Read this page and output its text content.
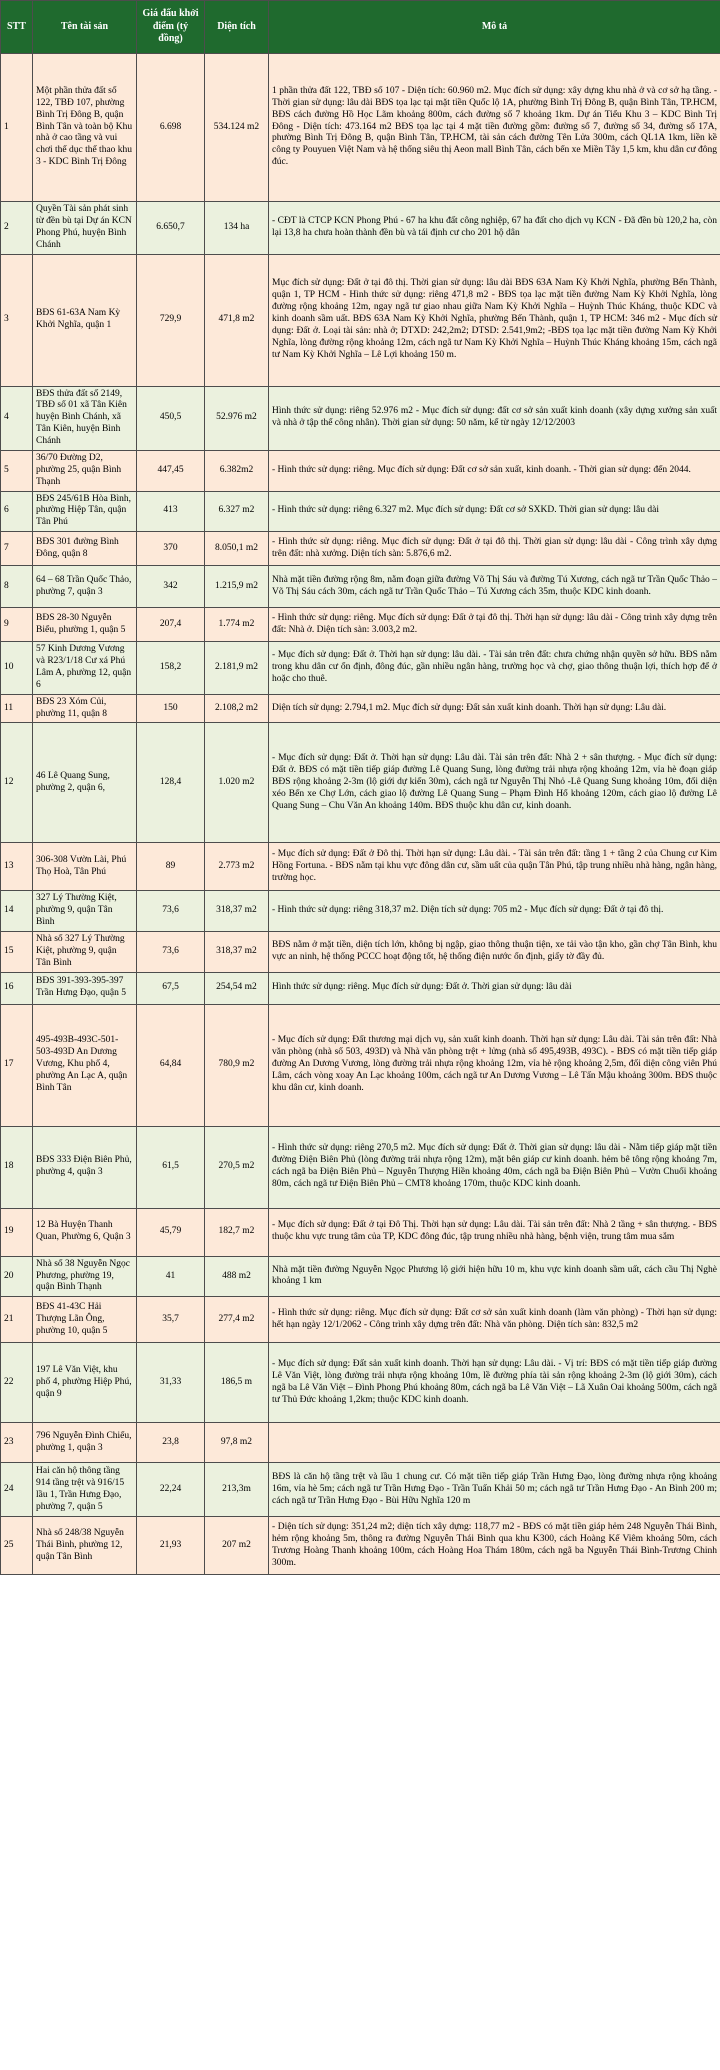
STT	Tên tài sản	Giá đấu khởi điểm (tỷ đồng)	Diện tích	Mô tả
1	Một phần thửa đất số 122, TBĐ 107, phường Bình Trị Đông B, quận Bình Tân và toàn bộ Khu nhà ở cao tầng và vui chơi thể dục thể thao khu 3 - KDC Bình Trị Đông	6.698	534.124 m2	1 phần thửa đất 122, TBĐ số 107 - Diện tích: 60.960 m2. Mục đích sử dụng: xây dựng khu nhà ở và cơ sở hạ tầng. - Thời gian sử dụng: lâu dài BĐS tọa lạc tại mặt tiền Quốc lộ 1A, phường Bình Trị Đông B, quận Bình Tân, TP.HCM, BĐS cách đường Hồ Học Lãm khoảng 800m, cách đường số 7 khoảng 1km. Dự án Tiểu Khu 3 – KDC Bình Trị Đông - Diện tích: 473.164 m2 BĐS tọa lạc tại 4 mặt tiền đường gồm: đường số 7, đường số 34, đường số 17A, phường Bình Trị Đông B, quận Bình Tân, TP.HCM, tài sản cách đường Tên Lửa 300m, cách QL1A 1km, liền kề công ty Pouyuen Việt Nam và hệ thống siêu thị Aeon mall Bình Tân, cách bến xe Miền Tây 1,5 km, khu dân cư đông đúc.
2	Quyền Tài sản phát sinh từ đền bù tại Dự án KCN Phong Phú, huyện Bình Chánh	6.650,7	134 ha	- CĐT là CTCP KCN Phong Phú - 67 ha khu đất công nghiệp, 67 ha đất cho dịch vụ KCN - Đã đền bù 120,2 ha, còn lại 13,8 ha chưa hoàn thành đền bù và tái định cư cho 201 hộ dân
3	BĐS 61-63A Nam Kỳ Khởi Nghĩa, quận 1	729,9	471,8 m2	Mục đích sử dụng: Đất ở tại đô thị. Thời gian sử dụng: lâu dài BĐS 63A Nam Kỳ Khởi Nghĩa, phường Bến Thành, quận 1, TP HCM - Hình thức sử dụng: riêng 471,8 m2 - BĐS tọa lạc mặt tiền đường Nam Kỳ Khởi Nghĩa, lòng đường rộng khoảng 12m, ngay ngã tư giao nhau giữa Nam Kỳ Khởi Nghĩa – Huỳnh Thúc Kháng, thuộc KDC và kinh doanh sầm uất. BĐS 63A Nam Kỳ Khởi Nghĩa, phường Bến Thành, quận 1, TP HCM: 346 m2 - Mục đích sử dụng: Đất ở. Loại tài sản: nhà ở; DTXD: 242,2m2; DTSD: 2.541,9m2; -BĐS tọa lạc mặt tiền đường Nam Kỳ Khởi Nghĩa, lòng đường rộng khoảng 12m, cách ngã tư Nam Kỳ Khởi Nghĩa – Huỳnh Thúc Kháng khoảng 15m, cách ngã tư Nam Kỳ Khởi Nghĩa – Lê Lợi khoảng 150 m.
4	BĐS thửa đất số 2149, TBĐ số 01 xã Tân Kiên huyện Bình Chánh, xã Tân Kiên, huyện Bình Chánh	450,5	52.976 m2	Hình thức sử dụng: riêng 52.976 m2 - Mục đích sử dụng: đất cơ sở sản xuất kinh doanh (xây dựng xưởng sản xuất và nhà ở tập thể công nhân). Thời gian sử dụng: 50 năm, kể từ ngày 12/12/2003
5	36/70 Đường D2, phường 25, quận Bình Thạnh	447,45	6.382m2	- Hình thức sử dụng: riêng. Mục đích sử dụng: Đất cơ sở sản xuất, kinh doanh. - Thời gian sử dụng: đến 2044.
6	BĐS 245/61B Hòa Bình, phường Hiệp Tân, quận Tân Phú	413	6.327 m2	- Hình thức sử dụng: riêng 6.327 m2. Mục đích sử dụng: Đất cơ sở SXKD. Thời gian sử dụng: lâu dài
7	BĐS 301 đường Bình Đông, quận 8	370	8.050,1 m2	- Hình thức sử dụng: riêng. Mục đích sử dụng: Đất ở tại đô thị. Thời gian sử dụng: lâu dài - Công trình xây dựng trên đất: nhà xưởng. Diện tích sàn: 5.876,6 m2.
8	64 – 68 Trần Quốc Thảo, phường 7, quận 3	342	1.215,9 m2	Nhà mặt tiền đường rộng 8m, nằm đoạn giữa đường Võ Thị Sáu và đường Tú Xương, cách ngã tư Trần Quốc Thảo – Võ Thị Sáu cách 30m, cách ngã tư Trần Quốc Thảo – Tú Xương cách 35m, thuộc KDC kinh doanh.
9	BĐS 28-30 Nguyễn Biểu, phường 1, quận 5	207,4	1.774 m2	- Hình thức sử dụng: riêng. Mục đích sử dụng: Đất ở tại đô thị. Thời hạn sử dụng: lâu dài - Công trình xây dựng trên đất: Nhà ở. Diện tích sàn: 3.003,2 m2.
10	57 Kinh Dương Vương và R23/1/18 Cư xá Phú Lâm A, phường 12, quận 6	158,2	2.181,9 m2	- Mục đích sử dụng: Đất ở. Thời hạn sử dụng: lâu dài. - Tài sản trên đất: chưa chứng nhận quyền sở hữu. BĐS nằm trong khu dân cư ổn định, đông đúc, gần nhiều ngân hàng, trường học và chợ, giao thông thuận lợi, thích hợp để ở hoặc cho thuê.
11	BĐS 23 Xóm Củi, phường 11, quận 8	150	2.108,2 m2	Diện tích sử dụng: 2.794,1 m2. Mục đích sử dụng: Đất sản xuất kinh doanh. Thời hạn sử dụng: Lâu dài.
12	46 Lê Quang Sung, phường 2, quận 6,	128,4	1.020 m2	- Mục đích sử dụng: Đất ở. Thời hạn sử dụng: Lâu dài. Tài sản trên đất: Nhà 2 + sân thượng. - Mục đích sử dụng: Đất ở. BĐS có mặt tiền tiếp giáp đường Lê Quang Sung, lòng đường trải nhựa rộng khoảng 12m, vỉa hè đoạn giáp BĐS rộng khoảng 2-3m (lộ giới dự kiến 30m), cách ngã tư Nguyễn Thị Nhỏ -Lê Quang Sung khoảng 10m, đối diện xéo Bến xe Chợ Lớn, cách giao lộ đường Lê Quang Sung – Phạm Đình Hổ khoảng 120m, cách giao lộ đường Lê Quang Sung – Chu Văn An khoảng 140m. BĐS thuộc khu dân cư, kinh doanh.
13	306-308 Vườn Lài, Phú Thọ Hoà, Tân Phú	89	2.773 m2	- Mục đích sử dụng: Đất ở Đô thị. Thời hạn sử dụng: Lâu dài. - Tài sản trên đất: tầng 1 + tầng 2 của Chung cư Kim Hồng Fortuna. - BĐS nằm tại khu vực đông dân cư, sầm uất của quận Tân Phú, tập trung nhiều nhà hàng, ngân hàng, trường học.
14	327 Lý Thường Kiệt, phường 9, quận Tân Bình	73,6	318,37 m2	- Hình thức sử dụng: riêng 318,37 m2. Diện tích sử dụng: 705 m2 - Mục đích sử dụng: Đất ở tại đô thị.
15	Nhà số 327 Lý Thường Kiệt, phường 9, quận Tân Bình	73,6	318,37 m2	BĐS nằm ở mặt tiền, diện tích lớn, không bị ngập, giao thông thuận tiện, xe tải vào tận kho, gần chợ Tân Bình, khu vực an ninh, hệ thống PCCC hoạt động tốt, hệ thống điện nước ổn định, giấy tờ đầy đủ.
16	BĐS 391-393-395-397 Trần Hưng Đạo, quận 5	67,5	254,54 m2	Hình thức sử dụng: riêng. Mục đích sử dụng: Đất ở. Thời gian sử dụng: lâu dài
17	495-493B-493C-501-503-493D An Dương Vương, Khu phố 4, phường An Lạc A, quận Bình Tân	64,84	780,9 m2	- Mục đích sử dụng: Đất thương mại dịch vụ, sản xuất kinh doanh. Thời hạn sử dụng: Lâu dài. Tài sản trên đất: Nhà văn phòng (nhà số 503, 493D) và Nhà văn phòng trệt + lửng (nhà số 495,493B, 493C). - BĐS có mặt tiền tiếp giáp đường An Dương Vương, lòng đường trải nhựa rộng khoảng 12m, vỉa hè rộng khoảng 2,5m, đối diện công viên Phú Lâm, cách vòng xoay An Lạc khoảng 100m, cách ngã tư An Dương Vương – Lê Tấn Mậu khoảng 300m. BĐS thuộc khu dân cư, kinh doanh.
18	BĐS 333 Điện Biên Phủ, phường 4, quận 3	61,5	270,5 m2	- Hình thức sử dụng: riêng 270,5 m2. Mục đích sử dụng: Đất ở. Thời gian sử dụng: lâu dài - Nằm tiếp giáp mặt tiền đường Điện Biên Phủ (lòng đường trải nhựa rộng 12m), mặt bên giáp cư kinh doanh. hẻm bê tông rộng khoảng 7m, cách ngã ba Điện Biên Phủ – Nguyễn Thượng Hiền khoảng 40m, cách ngã ba Điện Biên Phủ – Vườn Chuối khoảng 80m, cách ngã tư Điện Biên Phủ – CMT8 khoảng 170m, thuộc KDC kinh doanh.
19	12 Bà Huyện Thanh Quan, Phường 6, Quận 3	45,79	182,7 m2	- Mục đích sử dụng: Đất ở tại Đô Thị. Thời hạn sử dụng: Lâu dài. Tài sản trên đất: Nhà 2 tầng + sân thượng. - BĐS thuộc khu vực trung tâm của TP, KDC đông đúc, tập trung nhiều nhà hàng, bệnh viện, trung tâm mua sắm
20	Nhà số 38 Nguyễn Ngọc Phương, phường 19, quận Bình Thạnh	41	488 m2	Nhà mặt tiền đường Nguyễn Ngọc Phương lộ giới hiện hữu 10 m, khu vực kinh doanh sầm uất, cách cầu Thị Nghè khoảng 1 km
21	BĐS 41-43C Hải Thượng Lãn Ông, phường 10, quận 5	35,7	277,4 m2	- Hình thức sử dụng: riêng. Mục đích sử dụng: Đất cơ sở sản xuất kinh doanh (làm văn phòng) - Thời hạn sử dụng: hết hạn ngày 12/1/2062 - Công trình xây dựng trên đất: Nhà văn phòng. Diện tích sàn: 832,5 m2
22	197 Lê Văn Việt, khu phố 4, phường Hiệp Phú, quận 9	31,33	186,5 m	- Mục đích sử dụng: Đất sản xuất kinh doanh. Thời hạn sử dụng: Lâu dài. - Vị trí: BĐS có mặt tiền tiếp giáp đường Lê Văn Việt, lòng đường trải nhựa rộng khoảng 10m, lề đường phía tài sản rộng khoảng 2-3m (lộ giới 30m), cách ngã ba Lê Văn Việt – Đình Phong Phú khoảng 80m, cách ngã ba Lê Văn Việt – Lã Xuân Oai khoảng 500m, cách ngã tư Thủ Đức khoảng 1,2km; thuộc KDC kinh doanh.
23	796 Nguyễn Đình Chiểu, phường 1, quận 3	23,8	97,8 m2	
24	Hai căn hộ thông tầng 914 tầng trệt và 916/15 lầu 1, Trần Hưng Đạo, phường 7, quận 5	22,24	213,3m	BĐS là căn hộ tầng trệt và lầu 1 chung cư. Có mặt tiền tiếp giáp Trần Hưng Đạo, lòng đường nhựa rộng khoảng 16m, vỉa hè 5m; cách ngã tư Trần Hưng Đạo - Trần Tuấn Khải 50 m; cách ngã tư Trần Hưng Đạo - An Bình 200 m; cách ngã tư Trần Hưng Đạo - Bùi Hữu Nghĩa 120 m
25	Nhà số 248/38 Nguyễn Thái Bình, phường 12, quận Tân Bình	21,93	207 m2	- Diện tích sử dụng: 351,24 m2; diện tích xây dựng: 118,77 m2 - BĐS có mặt tiền giáp hẻm 248 Nguyễn Thái Bình, hẻm rộng khoảng 5m, thông ra đường Nguyễn Thái Bình qua khu K300, cách Hoàng Kế Viêm khoảng 50m, cách Trương Hoàng Thanh khoảng 100m, cách Hoàng Hoa Thám 180m, cách ngã ba Nguyễn Thái Bình-Trương Chinh 300m.
